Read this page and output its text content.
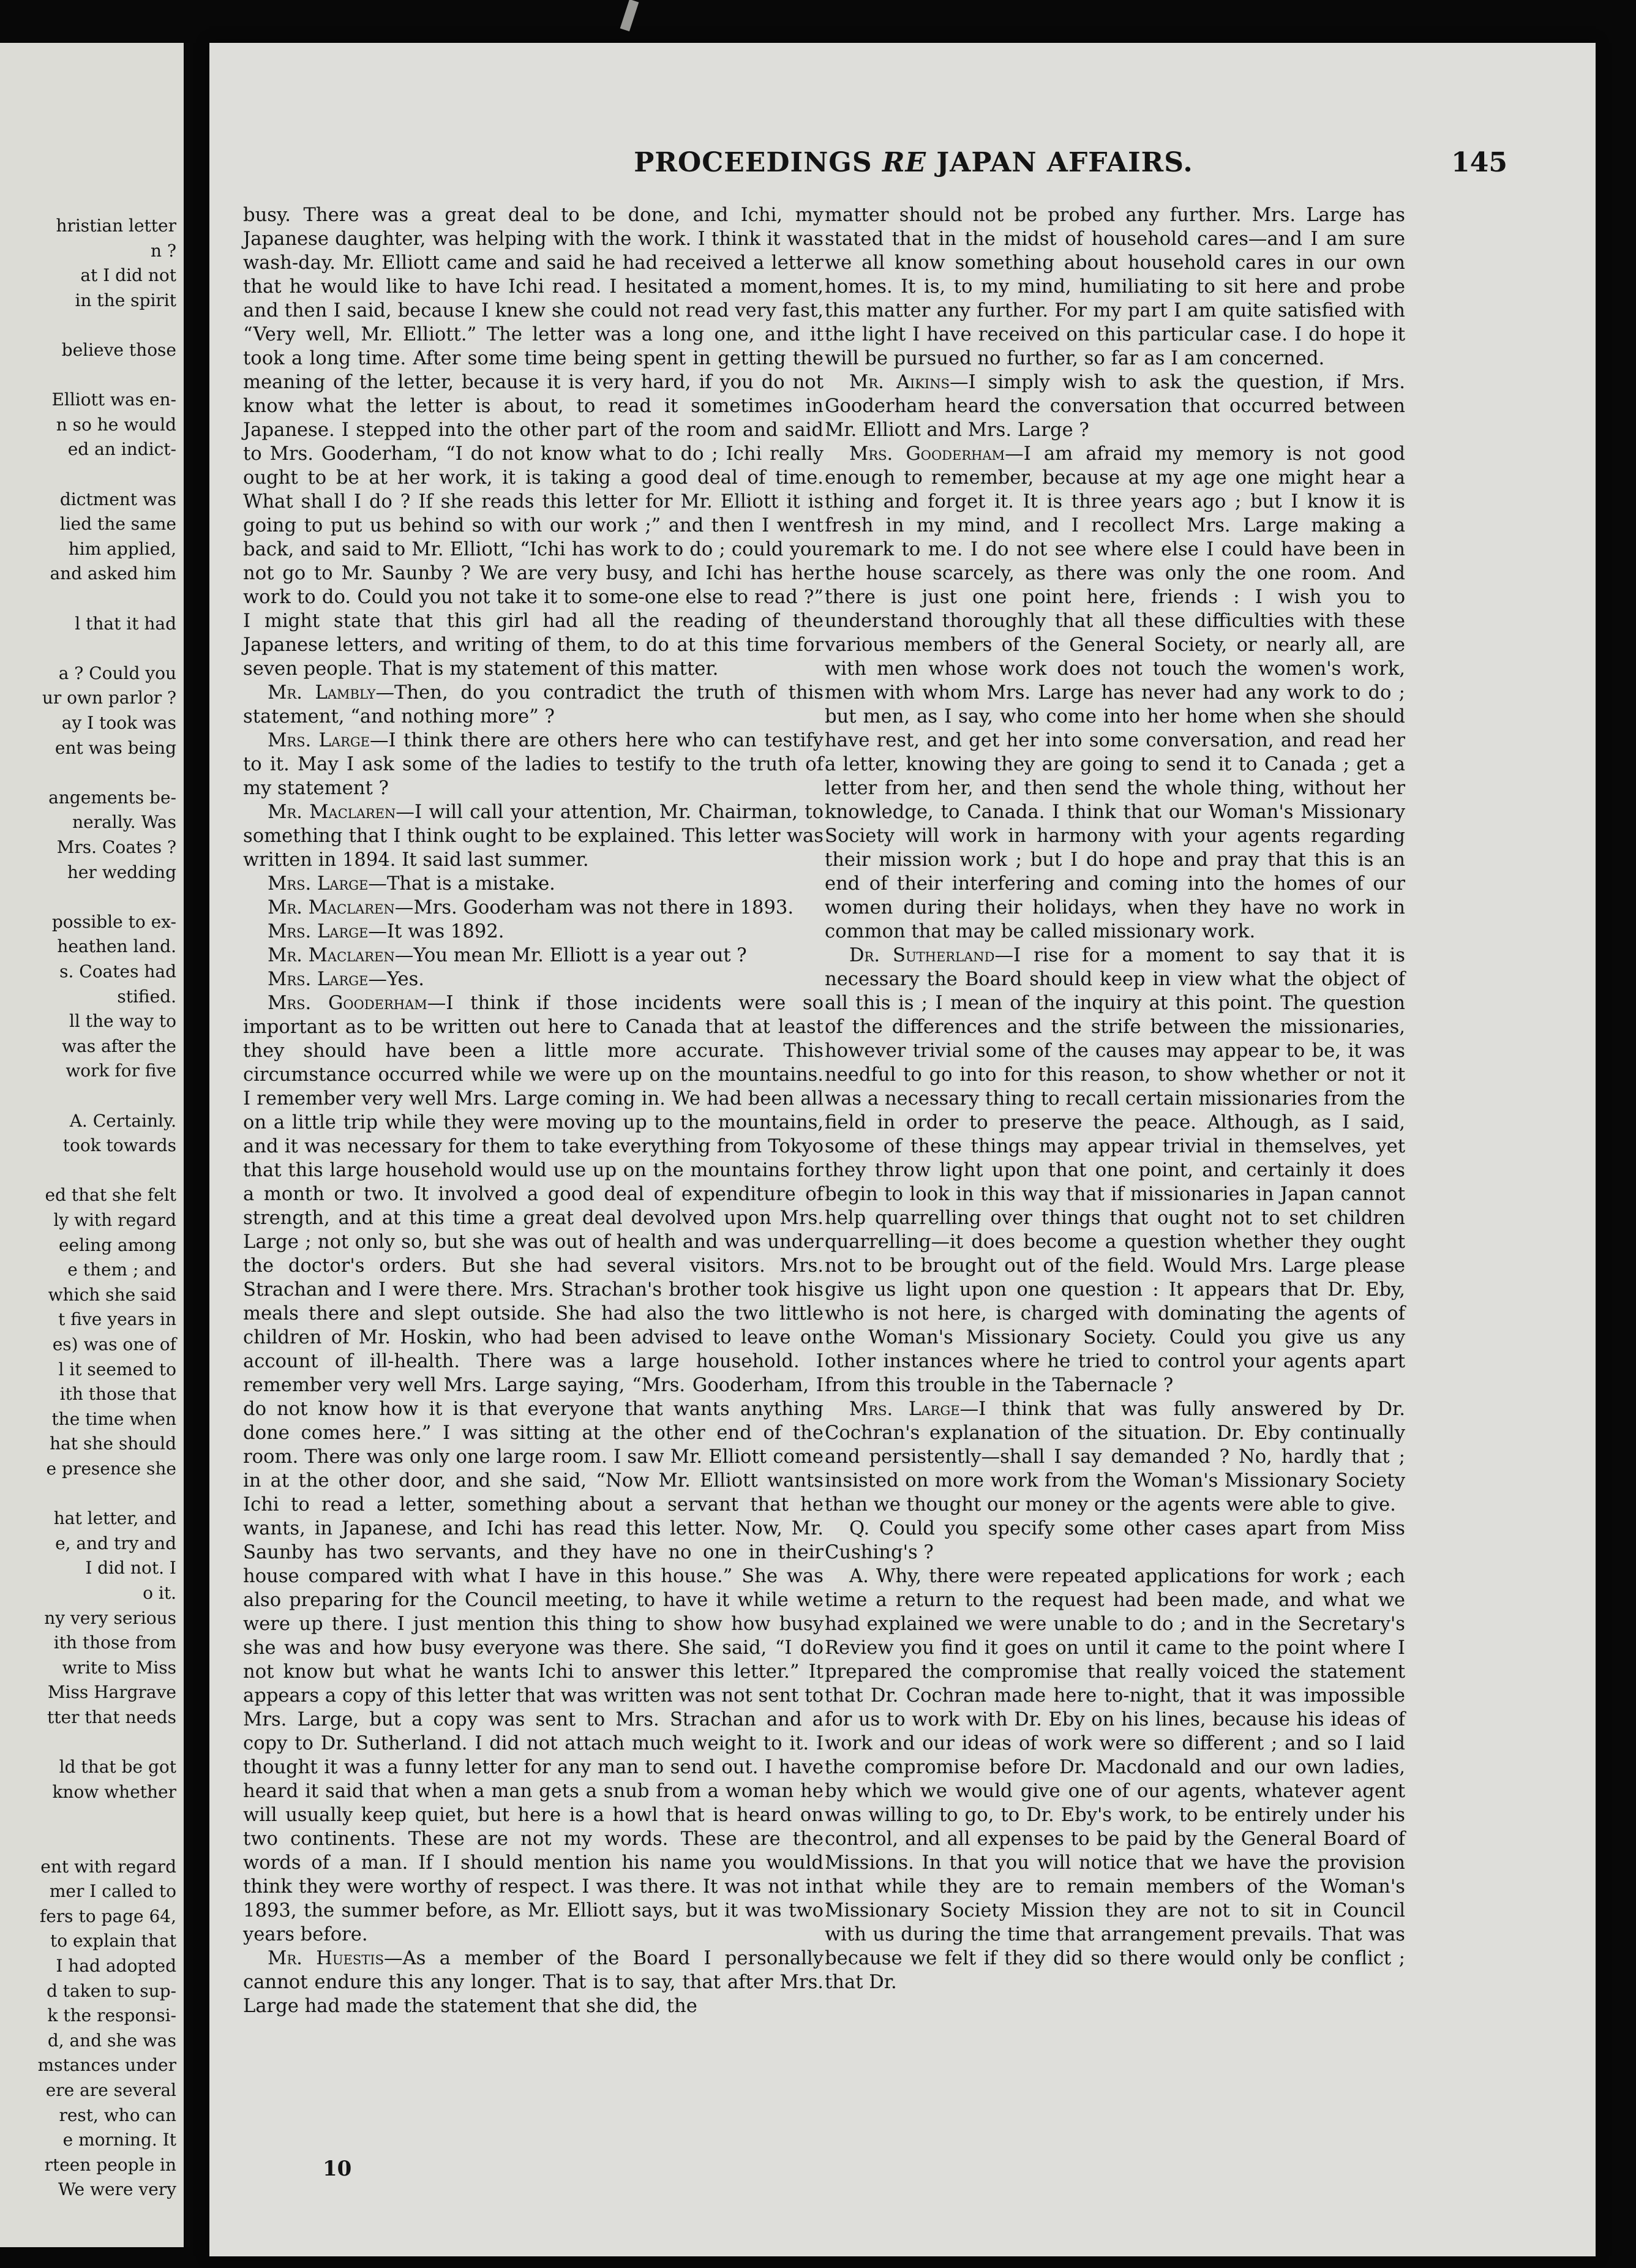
hristian letter
n ?
at I did not
in the spirit
believe those
Elliott was en-
n so he would
ed an indict-
dictment was
lied the same
him applied,
and asked him
l that it had
a ? Could you
ur own parlor ?
ay I took was
ent was being
angements be-
nerally. Was
Mrs. Coates ?
her wedding
possible to ex-
heathen land.
s. Coates had
stified.
ll the way to
was after the
work for five
A. Certainly.
took towards
ed that she felt
ly with regard
eeling among
e them ; and
which she said
t five years in
es) was one of
l it seemed to
ith those that
the time when
hat she should
e presence she
hat letter, and
e, and try and
I did not. I
o it.
ny very serious
ith those from
write to Miss
Miss Hargrave
tter that needs
ld that be got
know whether
ent with regard
mer I called to
fers to page 64,
to explain that
I had adopted
d taken to sup-
k the responsi-
d, and she was
mstances under
ere are several
rest, who can
e morning. It
rteen people in
We were very
PROCEEDINGS RE JAPAN AFFAIRS.	145

busy. There was a great deal to be done, and Ichi, my Japanese daughter, was helping with the work. I think it was wash-day. Mr. Elliott came and said he had received a letter that he would like to have Ichi read. I hesitated a moment, and then I said, because I knew she could not read very fast, “Very well, Mr. Elliott.” The letter was a long one, and it took a long time. After some time being spent in getting the meaning of the letter, because it is very hard, if you do not know what the letter is about, to read it sometimes in Japanese. I stepped into the other part of the room and said to Mrs. Gooderham, “I do not know what to do ; Ichi really ought to be at her work, it is taking a good deal of time. What shall I do ? If she reads this letter for Mr. Elliott it is going to put us behind so with our work ;” and then I went back, and said to Mr. Elliott, “Ichi has work to do ; could you not go to Mr. Saunby ? We are very busy, and Ichi has her work to do. Could you not take it to some-one else to read ?” I might state that this girl had all the reading of the Japanese letters, and writing of them, to do at this time for seven people. That is my statement of this matter.

Mr. Lambly—Then, do you contradict the truth of this statement, “and nothing more” ?

Mrs. Large—I think there are others here who can testify to it. May I ask some of the ladies to testify to the truth of my statement ?

Mr. Maclaren—I will call your attention, Mr. Chairman, to something that I think ought to be explained. This letter was written in 1894. It said last summer.

Mrs. Large—That is a mistake.

Mr. Maclaren—Mrs. Gooderham was not there in 1893.

Mrs. Large—It was 1892.

Mr. Maclaren—You mean Mr. Elliott is a year out ?

Mrs. Large—Yes.

Mrs. Gooderham—I think if those incidents were so important as to be written out here to Canada that at least they should have been a little more accurate. This circumstance occurred while we were up on the mountains. I remember very well Mrs. Large coming in. We had been all on a little trip while they were moving up to the mountains, and it was necessary for them to take everything from Tokyo that this large household would use up on the mountains for a month or two. It involved a good deal of expenditure of strength, and at this time a great deal devolved upon Mrs. Large ; not only so, but she was out of health and was under the doctor's orders. But she had several visitors. Mrs. Strachan and I were there. Mrs. Strachan's brother took his meals there and slept outside. She had also the two little children of Mr. Hoskin, who had been advised to leave on account of ill-health. There was a large household. I remember very well Mrs. Large saying, “Mrs. Gooderham, I do not know how it is that everyone that wants anything done comes here.” I was sitting at the other end of the room. There was only one large room. I saw Mr. Elliott come in at the other door, and she said, “Now Mr. Elliott wants Ichi to read a letter, something about a servant that he wants, in Japanese, and Ichi has read this letter. Now, Mr. Saunby has two servants, and they have no one in their house compared with what I have in this house.” She was also preparing for the Council meeting, to have it while we were up there. I just mention this thing to show how busy she was and how busy everyone was there. She said, “I do not know but what he wants Ichi to answer this letter.” It appears a copy of this letter that was written was not sent to Mrs. Large, but a copy was sent to Mrs. Strachan and a copy to Dr. Sutherland. I did not attach much weight to it. I thought it was a funny letter for any man to send out. I have heard it said that when a man gets a snub from a woman he will usually keep quiet, but here is a howl that is heard on two continents. These are not my words. These are the words of a man. If I should mention his name you would think they were worthy of respect. I was there. It was not in 1893, the summer before, as Mr. Elliott says, but it was two years before.

Mr. Huestis—As a member of the Board I personally cannot endure this any longer. That is to say, that after Mrs. Large had made the statement that she did, the

matter should not be probed any further. Mrs. Large has stated that in the midst of household cares—and I am sure we all know something about household cares in our own homes. It is, to my mind, humiliating to sit here and probe this matter any further. For my part I am quite satisfied with the light I have received on this particular case. I do hope it will be pursued no further, so far as I am concerned.

Mr. Aikins—I simply wish to ask the question, if Mrs. Gooderham heard the conversation that occurred between Mr. Elliott and Mrs. Large ?

Mrs. Gooderham—I am afraid my memory is not good enough to remember, because at my age one might hear a thing and forget it. It is three years ago ; but I know it is fresh in my mind, and I recollect Mrs. Large making a remark to me. I do not see where else I could have been in the house scarcely, as there was only the one room. And there is just one point here, friends : I wish you to understand thoroughly that all these difficulties with these various members of the General Society, or nearly all, are with men whose work does not touch the women's work, men with whom Mrs. Large has never had any work to do ; but men, as I say, who come into her home when she should have rest, and get her into some conversation, and read her a letter, knowing they are going to send it to Canada ; get a letter from her, and then send the whole thing, without her knowledge, to Canada. I think that our Woman's Missionary Society will work in harmony with your agents regarding their mission work ; but I do hope and pray that this is an end of their interfering and coming into the homes of our women during their holidays, when they have no work in common that may be called missionary work.

Dr. Sutherland—I rise for a moment to say that it is necessary the Board should keep in view what the object of all this is ; I mean of the inquiry at this point. The question of the differences and the strife between the missionaries, however trivial some of the causes may appear to be, it was needful to go into for this reason, to show whether or not it was a necessary thing to recall certain missionaries from the field in order to preserve the peace. Although, as I said, some of these things may appear trivial in themselves, yet they throw light upon that one point, and certainly it does begin to look in this way that if missionaries in Japan cannot help quarrelling over things that ought not to set children quarrelling—it does become a question whether they ought not to be brought out of the field. Would Mrs. Large please give us light upon one question : It appears that Dr. Eby, who is not here, is charged with dominating the agents of the Woman's Missionary Society. Could you give us any other instances where he tried to control your agents apart from this trouble in the Tabernacle ?

Mrs. Large—I think that was fully answered by Dr. Cochran's explanation of the situation. Dr. Eby continually and persistently—shall I say demanded ? No, hardly that ; insisted on more work from the Woman's Missionary Society than we thought our money or the agents were able to give.

Q. Could you specify some other cases apart from Miss Cushing's ?

A. Why, there were repeated applications for work ; each time a return to the request had been made, and what we had explained we were unable to do ; and in the Secretary's Review you find it goes on until it came to the point where I prepared the compromise that really voiced the statement that Dr. Cochran made here to-night, that it was impossible for us to work with Dr. Eby on his lines, because his ideas of work and our ideas of work were so different ; and so I laid the compromise before Dr. Macdonald and our own ladies, by which we would give one of our agents, whatever agent was willing to go, to Dr. Eby's work, to be entirely under his control, and all expenses to be paid by the General Board of Missions. In that you will notice that we have the provision that while they are to remain members of the Woman's Missionary Society Mission they are not to sit in Council with us during the time that arrangement prevails. That was because we felt if they did so there would only be conflict ; that Dr.

10
